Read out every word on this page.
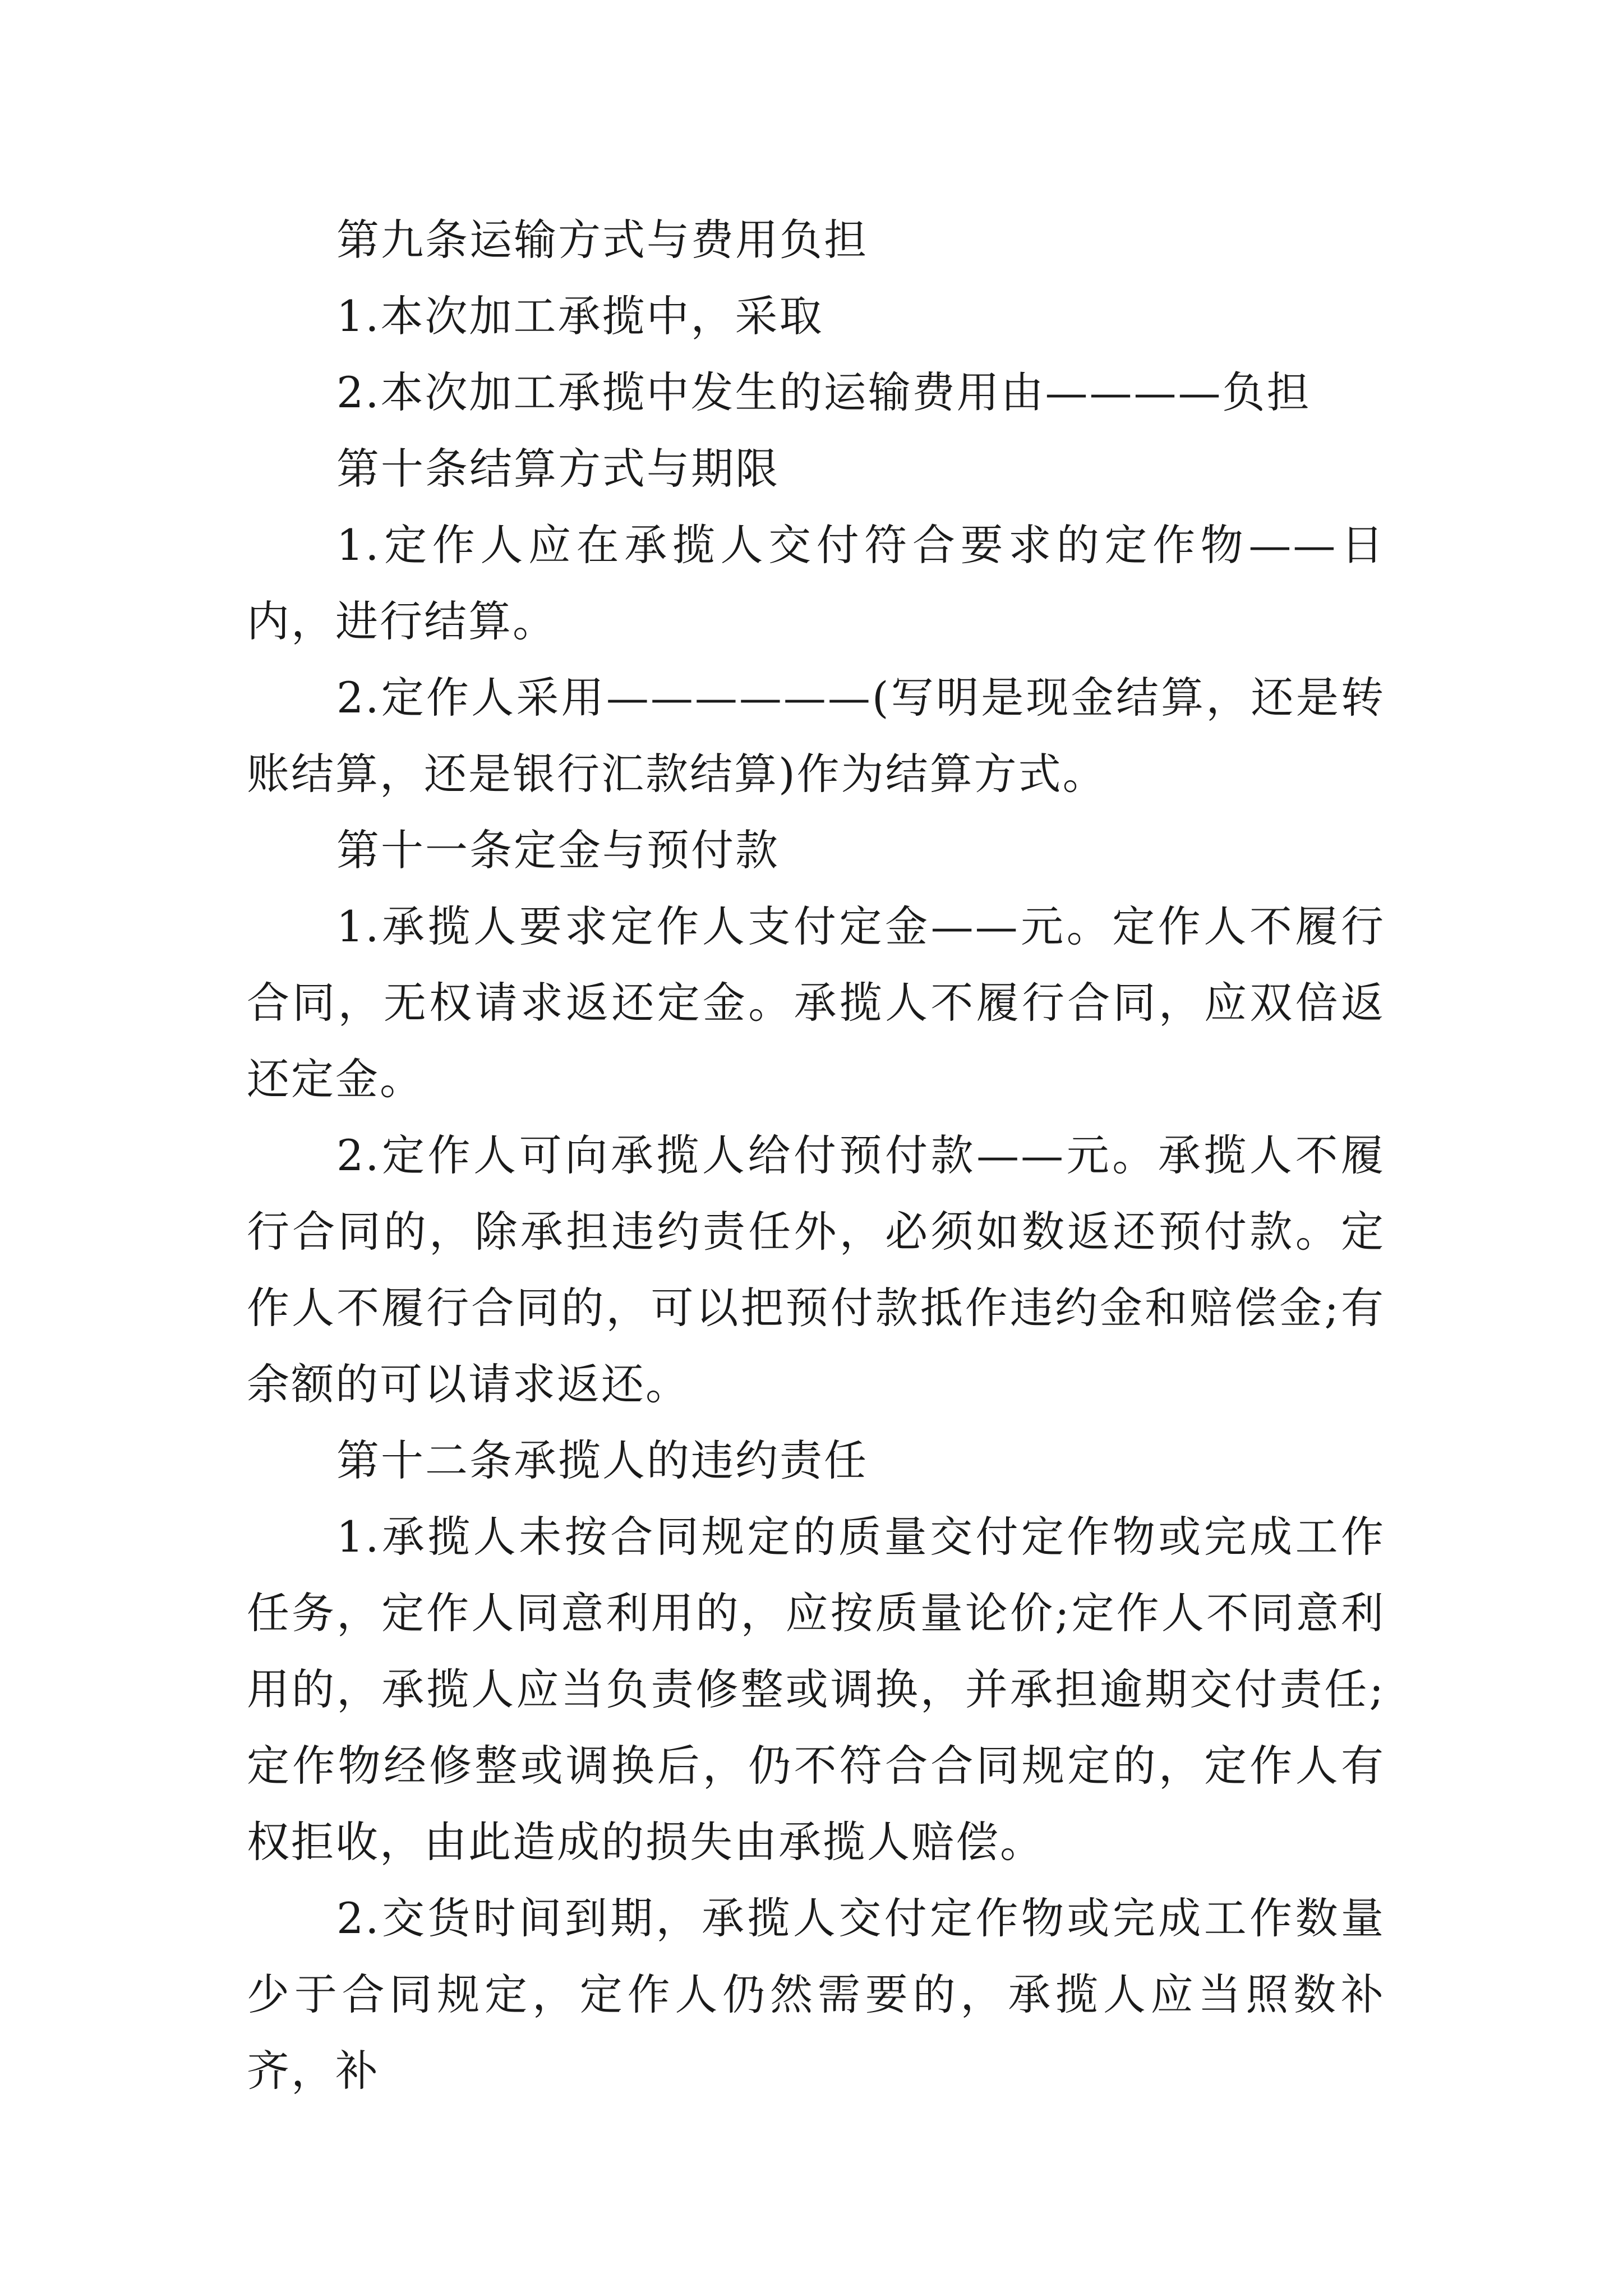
第九条运输方式与费用负担

1.本次加工承揽中，采取

2.本次加工承揽中发生的运输费用由————负担

第十条结算方式与期限

1.定作人应在承揽人交付符合要求的定作物——日内，进行结算。

2.定作人采用——————(写明是现金结算，还是转账结算，还是银行汇款结算)作为结算方式。

第十一条定金与预付款

1.承揽人要求定作人支付定金——元。定作人不履行合同，无权请求返还定金。承揽人不履行合同，应双倍返还定金。

2.定作人可向承揽人给付预付款——元。承揽人不履行合同的，除承担违约责任外，必须如数返还预付款。定作人不履行合同的，可以把预付款抵作违约金和赔偿金;有余额的可以请求返还。

第十二条承揽人的违约责任

1.承揽人未按合同规定的质量交付定作物或完成工作任务，定作人同意利用的，应按质量论价;定作人不同意利用的，承揽人应当负责修整或调换，并承担逾期交付责任;定作物经修整或调换后，仍不符合合同规定的，定作人有权拒收，由此造成的损失由承揽人赔偿。

2.交货时间到期，承揽人交付定作物或完成工作数量少于合同规定，定作人仍然需要的，承揽人应当照数补齐，补
